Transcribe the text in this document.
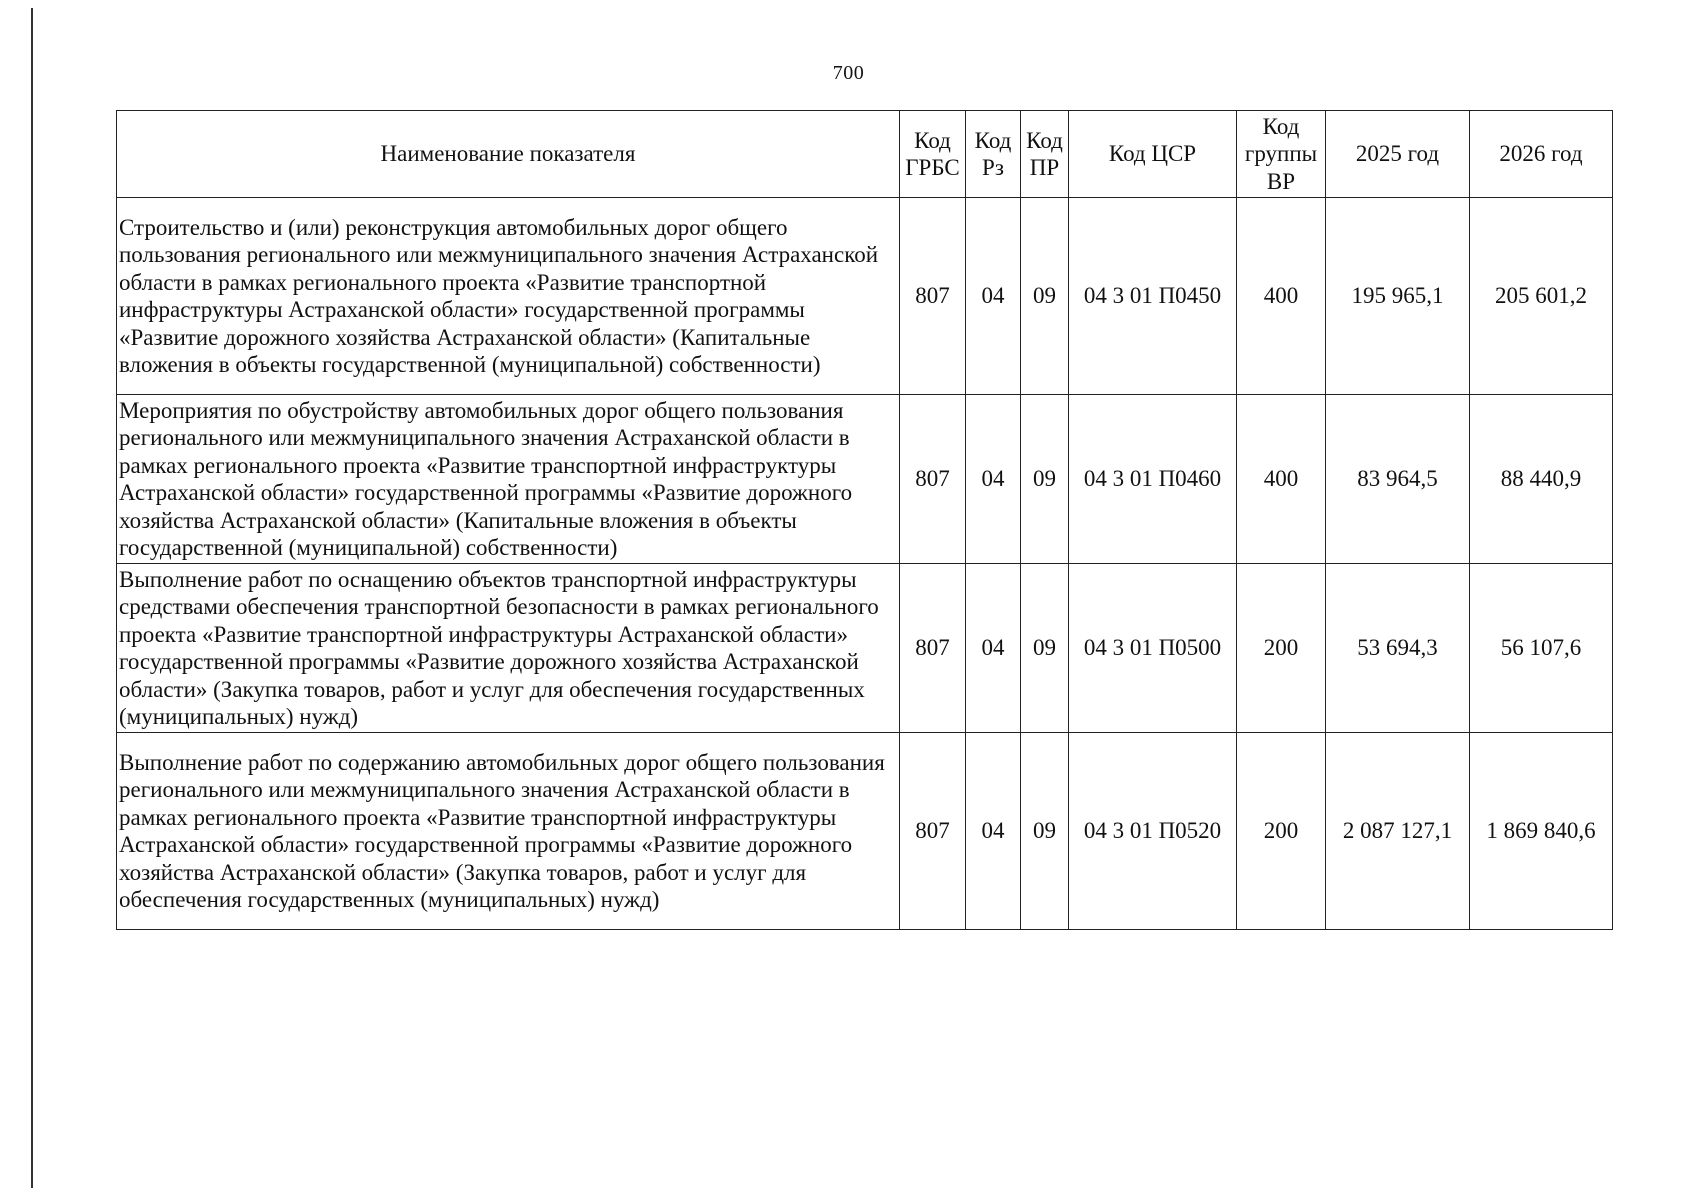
700
Наименование показателя	Код ГРБС	Код Рз	Код ПР	Код ЦСР	Код группы ВР	2025 год	2026 год
Строительство и (или) реконструкция автомобильных дорог общего пользования регионального или межмуниципального значения Астраханской области в рамках регионального проекта «Развитие транспортной инфраструктуры Астраханской области» государственной программы «Развитие дорожного хозяйства Астраханской области» (Капитальные вложения в объекты государственной (муниципальной) собственности)	807	04	09	04 3 01 П0450	400	195 965,1	205 601,2
Мероприятия по обустройству автомобильных дорог общего пользования регионального или межмуниципального значения Астраханской области в рамках регионального проекта «Развитие транспортной инфраструктуры Астраханской области» государственной программы «Развитие дорожного хозяйства Астраханской области» (Капитальные вложения в объекты государственной (муниципальной) собственности)	807	04	09	04 3 01 П0460	400	83 964,5	88 440,9
Выполнение работ по оснащению объектов транспортной инфраструктуры средствами обеспечения транспортной безопасности в рамках регионального проекта «Развитие транспортной инфраструктуры Астраханской области» государственной программы «Развитие дорожного хозяйства Астраханской области» (Закупка товаров, работ и услуг для обеспечения государственных (муниципальных) нужд)	807	04	09	04 3 01 П0500	200	53 694,3	56 107,6
Выполнение работ по содержанию автомобильных дорог общего пользования регионального или межмуниципального значения Астраханской области в рамках регионального проекта «Развитие транспортной инфраструктуры Астраханской области» государственной программы «Развитие дорожного хозяйства Астраханской области» (Закупка товаров, работ и услуг для обеспечения государственных (муниципальных) нужд)	807	04	09	04 3 01 П0520	200	2 087 127,1	1 869 840,6
